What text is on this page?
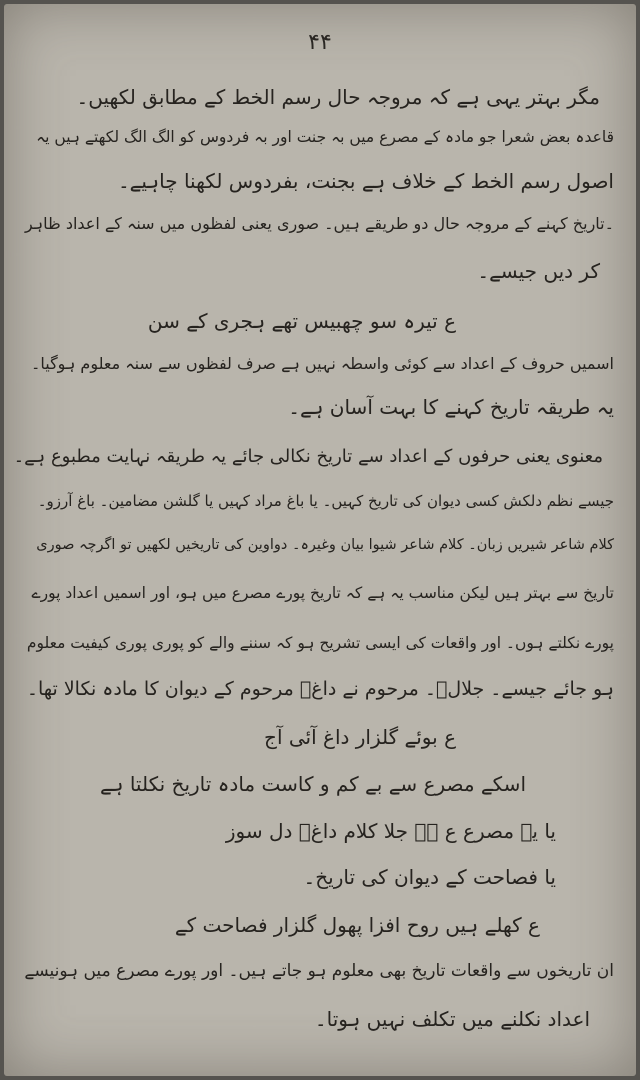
۴۴
مگر بہتر یہی ہے کہ مروجہ حال رسم الخط کے مطابق لکھیں۔
قاعدہ بعض شعرا جو مادہ کے مصرع میں بہ جنت اور بہ فردوس کو الگ الگ لکھتے ہیں یہ
اصول رسم الخط کے خلاف ہے بجنت، بفردوس لکھنا چاہیے۔
۔تاریخ کہنے کے مروجہ حال دو طریقے ہیں۔ صوری یعنی لفظوں میں سنہ کے اعداد ظاہر
کر دیں جیسے۔
ع تیرہ سو چھبیس تھے ہجری کے سن
اسمیں حروف کے اعداد سے کوئی واسطہ نہیں ہے صرف لفظوں سے سنہ معلوم ہوگیا۔
یہ طریقہ تاریخ کہنے کا بہت آسان ہے۔
معنوی یعنی حرفوں کے اعداد سے تاریخ نکالی جائے یہ طریقہ نہایت مطبوع ہے۔
جیسے نظم دلکش کسی دیوان کی تاریخ کہیں۔ یا باغ مراد کہیں یا گلشن مضامین۔ باغ آرزو۔
کلام شاعر شیریں زبان۔ کلام شاعر شیوا بیان وغیرہ۔ دواوین کی تاریخیں لکھیں تو اگرچہ صوری
تاریخ سے بہتر ہیں لیکن مناسب یہ ہے کہ تاریخ پورے مصرع میں ہو، اور اسمیں اعداد پورے
پورے نکلتے ہوں۔ اور واقعات کی ایسی تشریح ہو کہ سننے والے کو پوری پوری کیفیت معلوم
ہو جائے جیسے۔ جلالؔ۔ مرحوم نے داغؔ مرحوم کے دیوان کا مادہ نکالا تھا۔
ع بوئے گلزار داغ آئی آج
اسکے مصرع سے بے کم و کاست مادہ تاریخ نکلتا ہے
یا یہ مصرع ع ہے جلا کلام داغؔ دل سوز
یا فصاحت کے دیوان کی تاریخ۔
ع کھلے ہیں روح افزا پھول گلزار فصاحت کے
ان تاریخوں سے واقعات تاریخ بھی معلوم ہو جاتے ہیں۔ اور پورے مصرع میں ہونیسے
اعداد نکلنے میں تکلف نہیں ہوتا۔
